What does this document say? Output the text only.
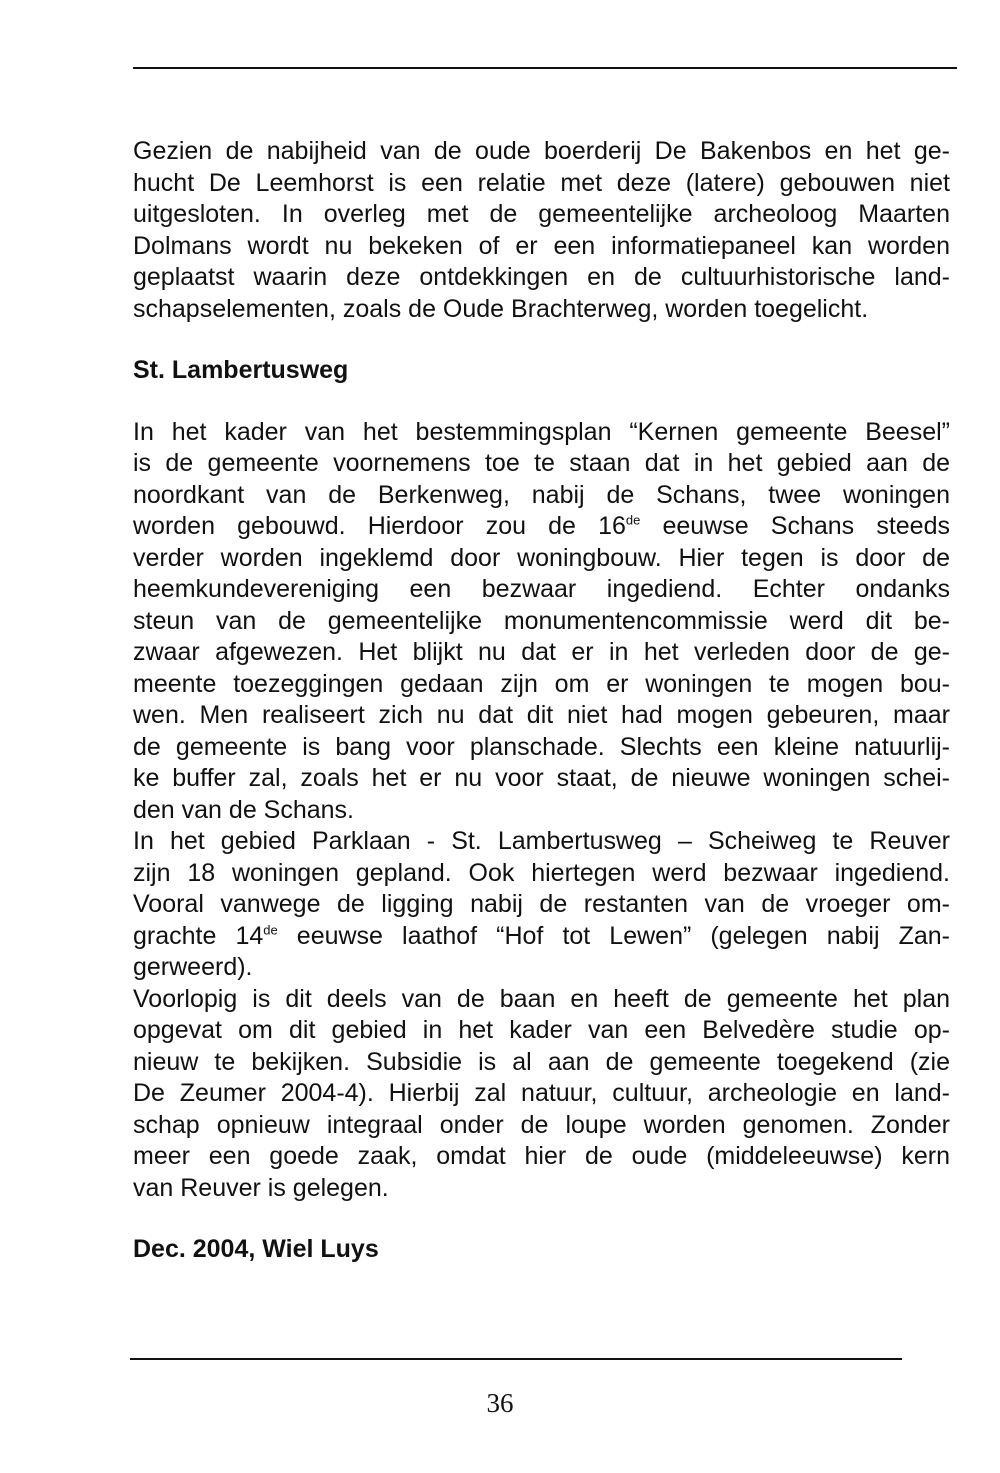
Gezien de nabijheid van de oude boerderij De Bakenbos en het ge-
hucht De Leemhorst is een relatie met deze (latere) gebouwen niet
uitgesloten. In overleg met de gemeentelijke archeoloog Maarten
Dolmans wordt nu bekeken of er een informatiepaneel kan worden
geplaatst waarin deze ontdekkingen en de cultuurhistorische land-
schapselementen, zoals de Oude Brachterweg, worden toegelicht.

St. Lambertusweg

In het kader van het bestemmingsplan “Kernen gemeente Beesel”
is de gemeente voornemens toe te staan dat in het gebied aan de
noordkant van de Berkenweg, nabij de Schans, twee woningen
worden gebouwd. Hierdoor zou de 16de eeuwse Schans steeds
verder worden ingeklemd door woningbouw. Hier tegen is door de
heemkundevereniging een bezwaar ingediend. Echter ondanks
steun van de gemeentelijke monumentencommissie werd dit be-
zwaar afgewezen. Het blijkt nu dat er in het verleden door de ge-
meente toezeggingen gedaan zijn om er woningen te mogen bou-
wen. Men realiseert zich nu dat dit niet had mogen gebeuren, maar
de gemeente is bang voor planschade. Slechts een kleine natuurlij-
ke buffer zal, zoals het er nu voor staat, de nieuwe woningen schei-
den van de Schans.

In het gebied Parklaan - St. Lambertusweg – Scheiweg te Reuver
zijn 18 woningen gepland. Ook hiertegen werd bezwaar ingediend.
Vooral vanwege de ligging nabij de restanten van de vroeger om-
grachte 14de eeuwse laathof “Hof tot Lewen” (gelegen nabij Zan-
gerweerd).

Voorlopig is dit deels van de baan en heeft de gemeente het plan
opgevat om dit gebied in het kader van een Belvedère studie op-
nieuw te bekijken. Subsidie is al aan de gemeente toegekend (zie
De Zeumer 2004-4). Hierbij zal natuur, cultuur, archeologie en land-
schap opnieuw integraal onder de loupe worden genomen. Zonder
meer een goede zaak, omdat hier de oude (middeleeuwse) kern
van Reuver is gelegen.

Dec. 2004, Wiel Luys

36
